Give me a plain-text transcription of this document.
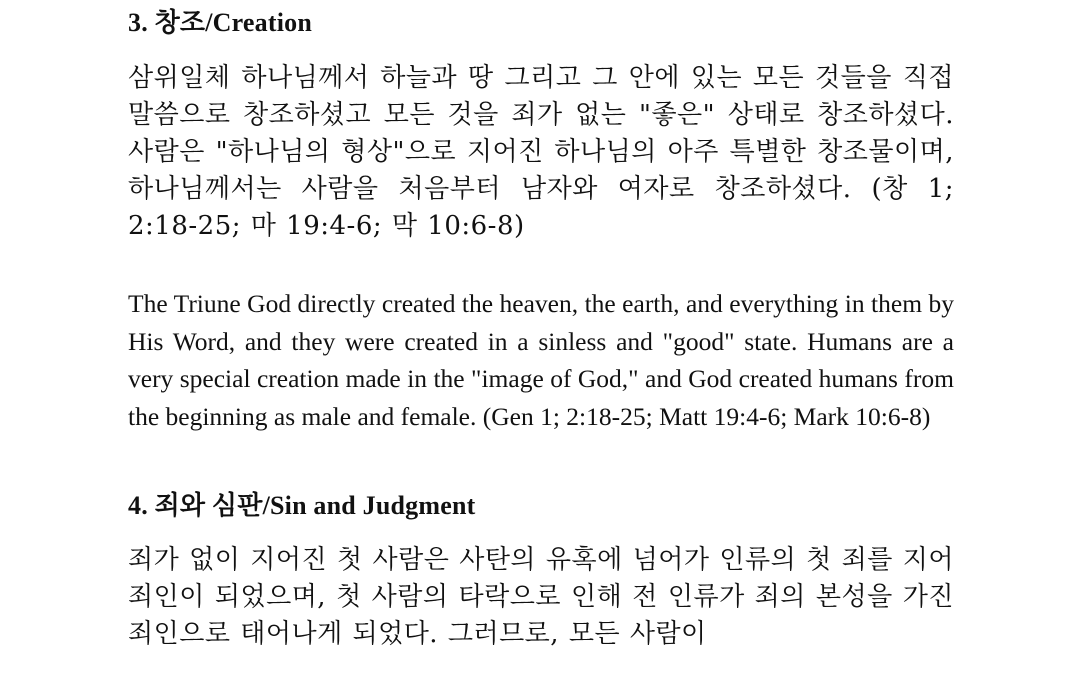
3. 창조/Creation

삼위일체 하나님께서 하늘과 땅 그리고 그 안에 있는 모든 것들을 직접 말씀으로 창조하셨고 모든 것을 죄가 없는 "좋은" 상태로 창조하셨다. 사람은 "하나님의 형상"으로 지어진 하나님의 아주 특별한 창조물이며, 하나님께서는 사람을 처음부터 남자와 여자로 창조하셨다. (창 1; 2:18-25; 마 19:4-6; 막 10:6-8)

The Triune God directly created the heaven, the earth, and everything in them by His Word, and they were created in a sinless and "good" state. Humans are a very special creation made in the "image of God," and God created humans from the beginning as male and female. (Gen 1; 2:18-25; Matt 19:4-6; Mark 10:6-8)

4. 죄와 심판/Sin and Judgment

죄가 없이 지어진 첫 사람은 사탄의 유혹에 넘어가 인류의 첫 죄를 지어 죄인이 되었으며, 첫 사람의 타락으로 인해 전 인류가 죄의 본성을 가진 죄인으로 태어나게 되었다. 그러므로, 모든 사람이
